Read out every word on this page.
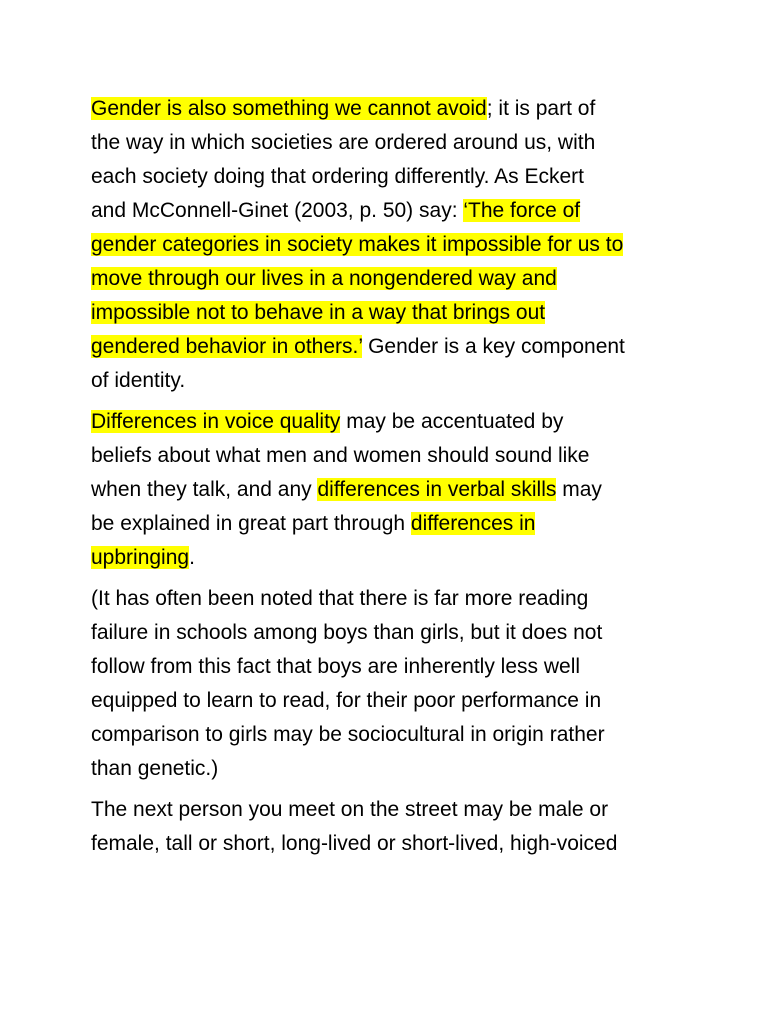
Gender is also something we cannot avoid; it is part of
the way in which societies are ordered around us, with
each society doing that ordering differently. As Eckert
and McConnell-Ginet (2003, p. 50) say: ‘The force of
gender categories in society makes it impossible for us to
move through our lives in a nongendered way and
impossible not to behave in a way that brings out
gendered behavior in others.’ Gender is a key component
of identity.

Differences in voice quality may be accentuated by
beliefs about what men and women should sound like
when they talk, and any differences in verbal skills may
be explained in great part through differences in
upbringing.

(It has often been noted that there is far more reading
failure in schools among boys than girls, but it does not
follow from this fact that boys are inherently less well
equipped to learn to read, for their poor performance in
comparison to girls may be sociocultural in origin rather
than genetic.)

The next person you meet on the street may be male or
female, tall or short, long-lived or short-lived, high-voiced
